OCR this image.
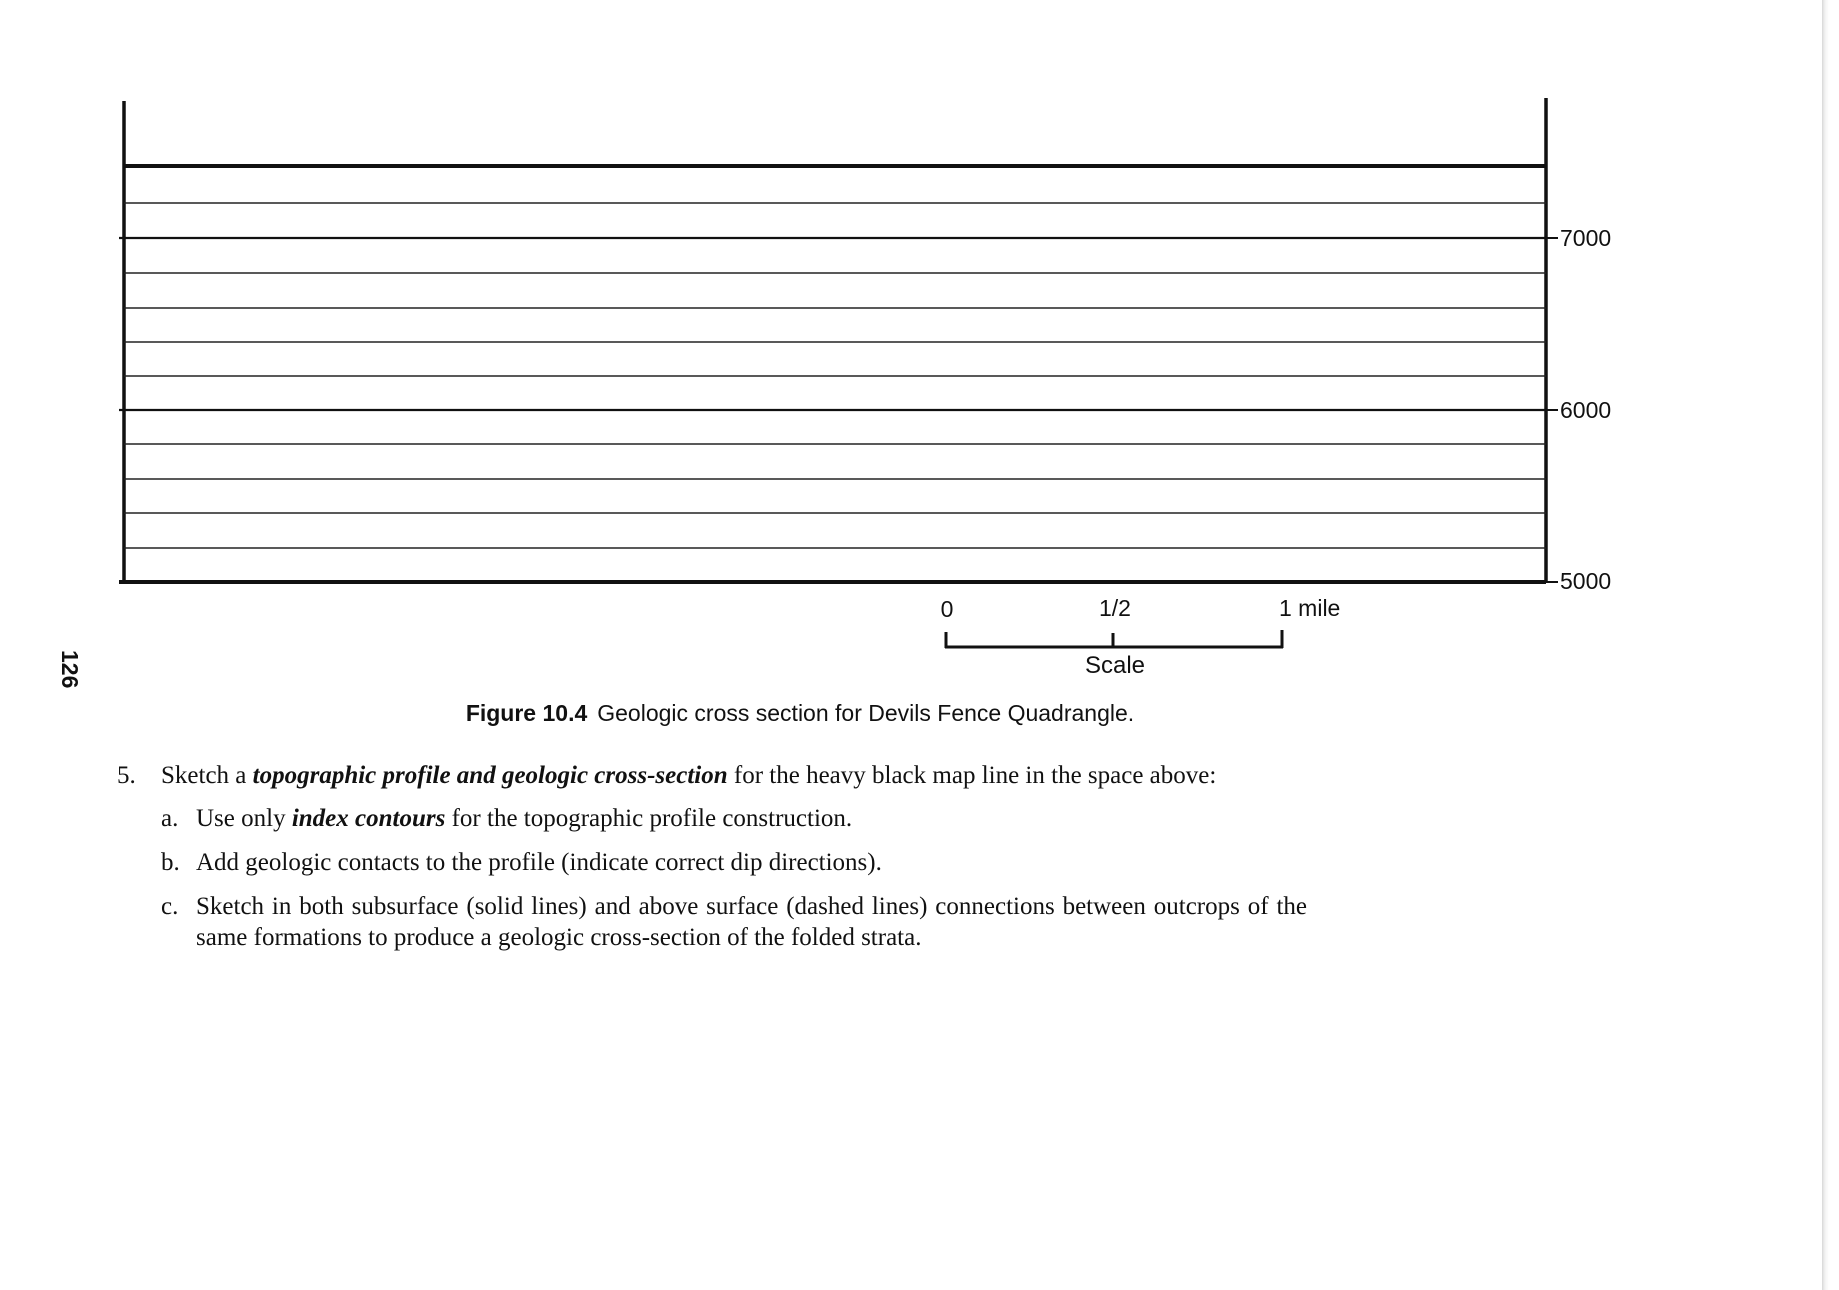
7000
6000
5000
0	1/2	1 mile
Scale
126
Figure 10.4 Geologic cross section for Devils Fence Quadrangle.
5.	Sketch a topographic profile and geologic cross-section for the heavy black map line in the space above:
a. Use only index contours for the topographic profile construction.
b. Add geologic contacts to the profile (indicate correct dip directions).
c. Sketch in both subsurface (solid lines) and above surface (dashed lines) connections between outcrops of the same formations to produce a geologic cross-section of the folded strata.
